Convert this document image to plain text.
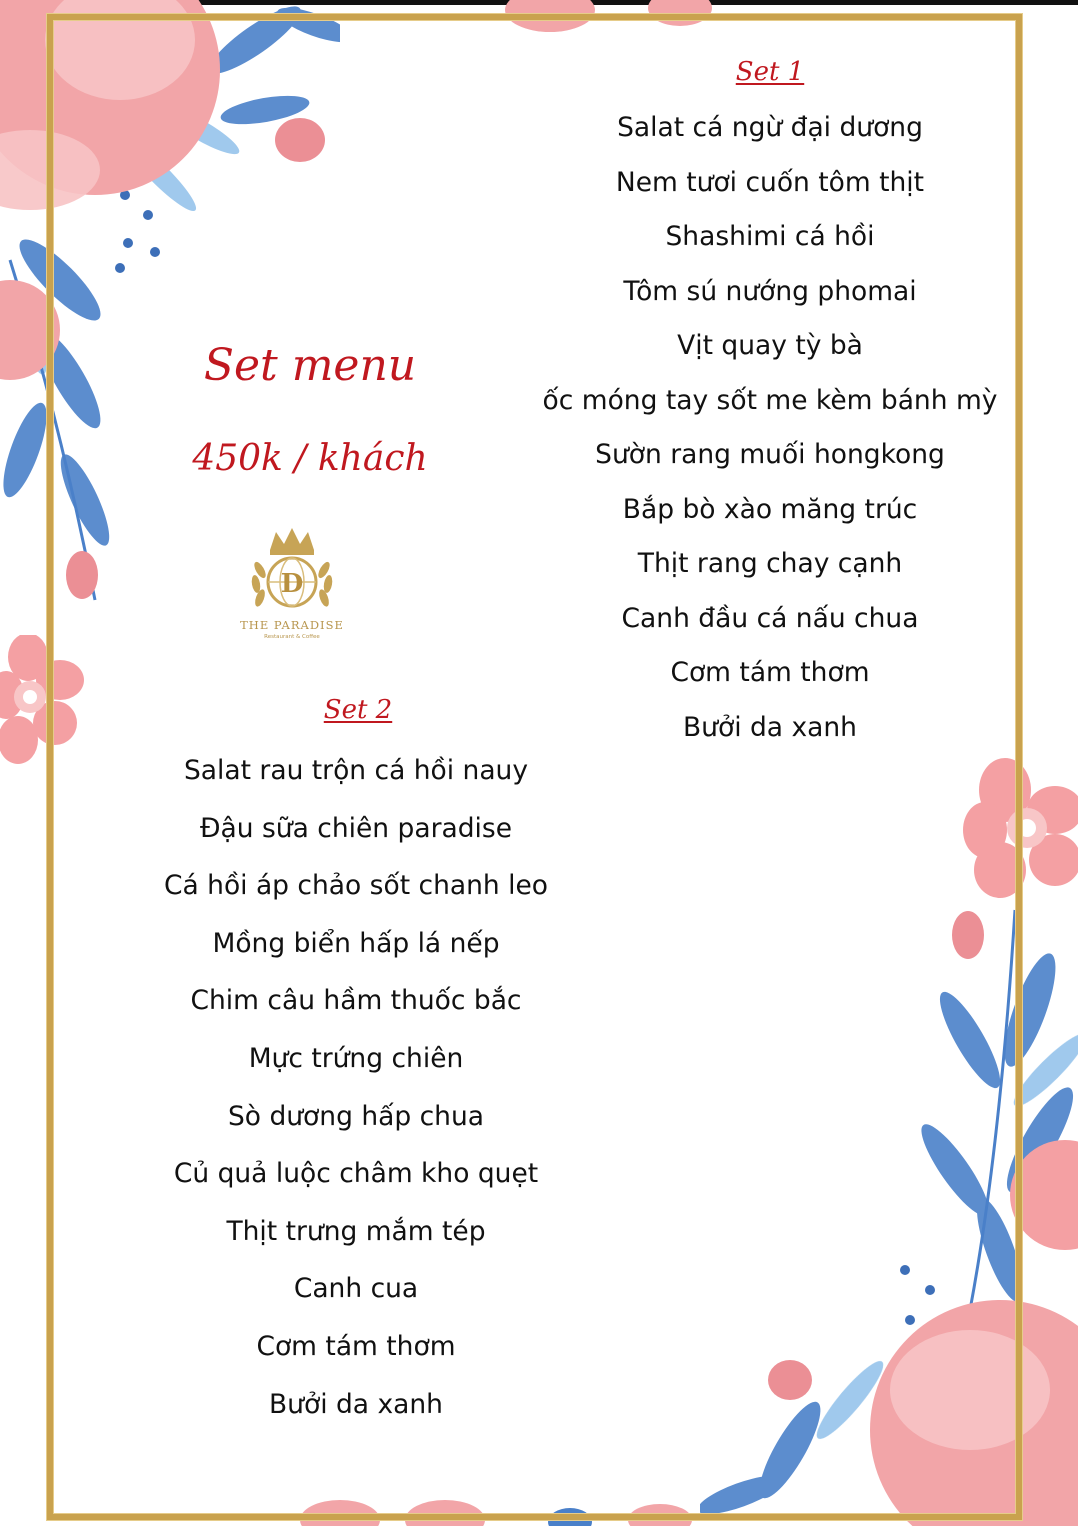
Set menu
450k / khách
D
THE PARADISE
Restaurant & Coffee
Set 1
Salat cá ngừ đại dương
Nem tươi cuốn tôm thịt
Shashimi cá hồi
Tôm sú nướng phomai
Vịt quay tỳ bà
ốc móng tay sốt me kèm bánh mỳ
Sườn rang muối hongkong
Bắp bò xào măng trúc
Thịt rang chay cạnh
Canh đầu cá nấu chua
Cơm tám thơm
Bưởi da xanh
Set 2
Salat rau trộn cá hồi nauy
Đậu sữa chiên paradise
Cá hồi áp chảo sốt chanh leo
Mồng biển hấp lá nếp
Chim câu hầm thuốc bắc
Mực trứng chiên
Sò dương hấp chua
Củ quả luộc châm kho quẹt
Thịt trưng mắm tép
Canh cua
Cơm tám thơm
Bưởi da xanh
